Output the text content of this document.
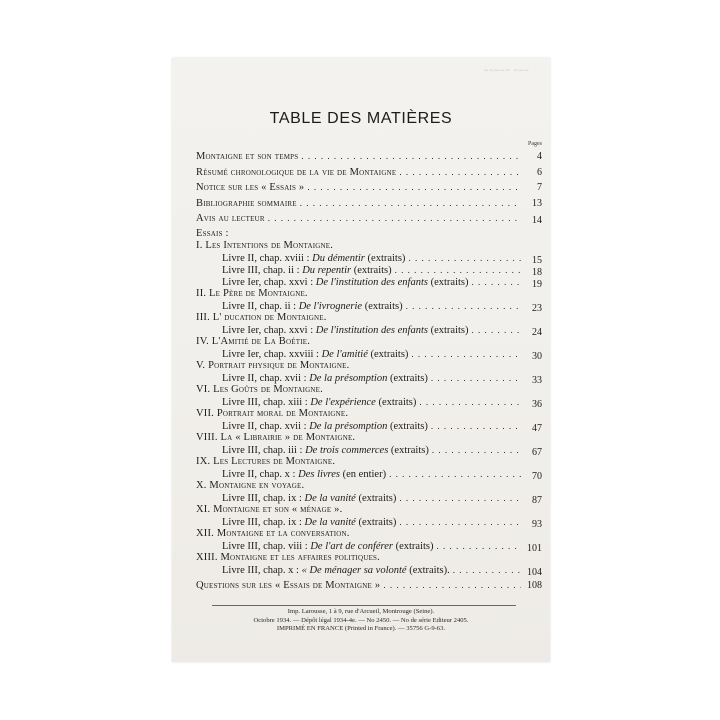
~~~~~ ~~~
TABLE DES MATIÈRES
Pages
Montaigne et son temps . . .	4
Résumé chronologique de la vie de Montaigne . . .	6
Notice sur les « Essais » . . .	7
Bibliographie sommaire . . .	13
Avis au lecteur . . .	14
Essais :
I. Les Intentions de Montaigne.
Livre II, chap. xviii : Du démentir (extraits) . . .	15
Livre III, chap. ii : Du repentir (extraits) . . .	18
Livre Ier, chap. xxvi : De l'institution des enfants (extraits) . . .	19
II. Le Père de Montaigne.
Livre II, chap. ii : De l'ivrognerie (extraits) . . .	23
III. L' ducation de Montaigne.
Livre Ier, chap. xxvi : De l'institution des enfants (extraits) . . .	24
IV. L'Amitié de La Boétie.
Livre Ier, chap. xxviii : De l'amitié (extraits) . . .	30
V. Portrait physique de Montaigne.
Livre II, chap. xvii : De la présomption (extraits) . . .	33
VI. Les Goûts de Montaigne.
Livre III, chap. xiii : De l'expérience (extraits) . . .	36
VII. Portrait moral de Montaigne.
Livre II, chap. xvii : De la présomption (extraits) . . .	47
VIII. La « Librairie » de Montaigne.
Livre III, chap. iii : De trois commerces (extraits) . . .	67
IX. Les Lectures de Montaigne.
Livre II, chap. x : Des livres (en entier) . . .	70
X. Montaigne en voyage.
Livre III, chap. ix : De la vanité (extraits) . . .	87
XI. Montaigne et son « ménage ».
Livre III, chap. ix : De la vanité (extraits) . . .	93
XII. Montaigne et la conversation.
Livre III, chap. viii : De l'art de conférer (extraits) . . .	101
XIII. Montaigne et les affaires politiques.
Livre III, chap. x : « De ménager sa volonté (extraits). . . .	104
Questions sur les « Essais de Montaigne » . . .	108
Imp. Larousse, 1 à 9, rue d'Arcueil, Montrouge (Seine).
Octobre 1934. — Dépôt légal 1934-4e. — No 2450. — No de série Editeur 2405.
IMPRIMÉ EN FRANCE (Printed in France). — 35756 G-9-63.
